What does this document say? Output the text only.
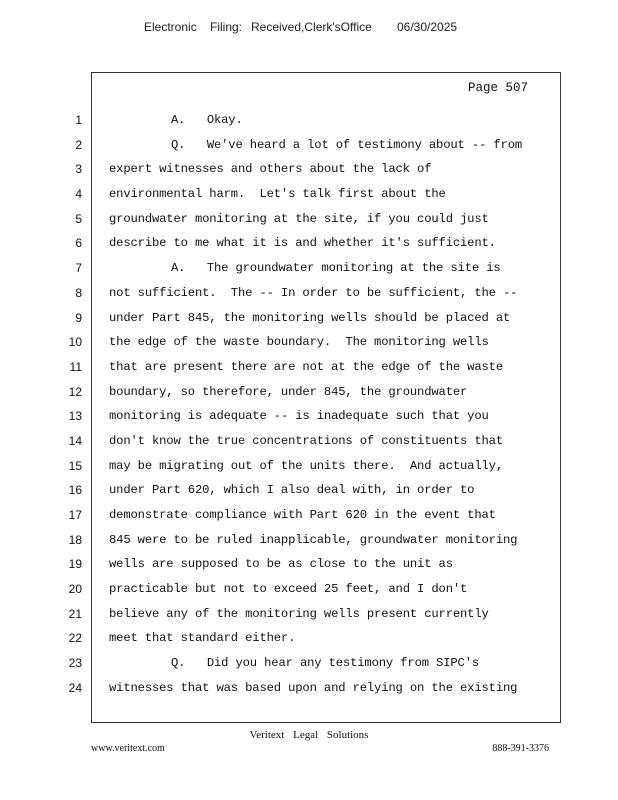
Electronic Filing: Received,Clerk'sOffice 06/30/2025
Page 507
1	A.   Okay.
2	Q.   We've heard a lot of testimony about -- from
3 expert witnesses and others about the lack of
4 environmental harm.  Let's talk first about the
5 groundwater monitoring at the site, if you could just
6 describe to me what it is and whether it's sufficient.
7	A.   The groundwater monitoring at the site is
8 not sufficient.  The -- In order to be sufficient, the --
9 under Part 845, the monitoring wells should be placed at
10 the edge of the waste boundary.  The monitoring wells
11 that are present there are not at the edge of the waste
12 boundary, so therefore, under 845, the groundwater
13 monitoring is adequate -- is inadequate such that you
14 don't know the true concentrations of constituents that
15 may be migrating out of the units there.  And actually,
16 under Part 620, which I also deal with, in order to
17 demonstrate compliance with Part 620 in the event that
18 845 were to be ruled inapplicable, groundwater monitoring
19 wells are supposed to be as close to the unit as
20 practicable but not to exceed 25 feet, and I don't
21 believe any of the monitoring wells present currently
22 meet that standard either.
23	Q.   Did you hear any testimony from SIPC's
24 witnesses that was based upon and relying on the existing
Veritext Legal Solutions
www.veritext.com	888-391-3376
